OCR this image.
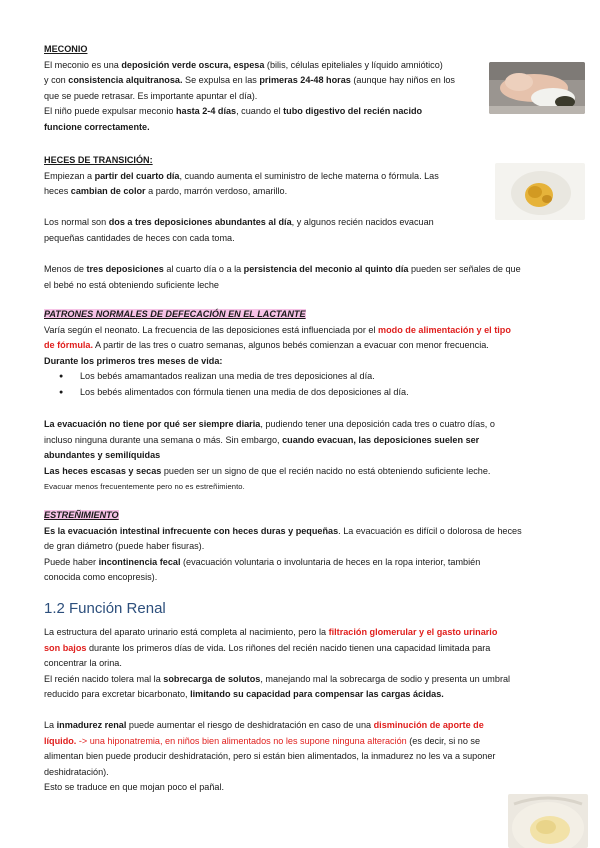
MECONIO

El meconio es una deposición verde oscura, espesa (bilis, células epiteliales y líquido amniótico)

y con consistencia alquitranosa. Se expulsa en las primeras 24-48 horas (aunque hay niños en los

que se puede retrasar. Es importante apuntar el día).

El niño puede expulsar meconio hasta 2-4 días, cuando el tubo digestivo del recién nacido

funcione correctamente.

HECES DE TRANSICIÓN:

Empiezan a partir del cuarto día, cuando aumenta el suministro de leche materna o fórmula. Las

heces cambian de color a pardo, marrón verdoso, amarillo.

Los normal son dos a tres deposiciones abundantes al día, y algunos recién nacidos evacuan

pequeñas cantidades de heces con cada toma.

Menos de tres deposiciones al cuarto día o a la persistencia del meconio al quinto día pueden ser señales de que

el bebé no está obteniendo suficiente leche

PATRONES NORMALES DE DEFECACIÓN EN EL LACTANTE

Varía según el neonato. La frecuencia de las deposiciones está influenciada por el modo de alimentación y el tipo

de fórmula. A partir de las tres o cuatro semanas, algunos bebés comienzan a evacuar con menor frecuencia.

Durante los primeros tres meses de vida:

● Los bebés amamantados realizan una media de tres deposiciones al día.
● Los bebés alimentados con fórmula tienen una media de dos deposiciones al día.

La evacuación no tiene por qué ser siempre diaria, pudiendo tener una deposición cada tres o cuatro días, o

incluso ninguna durante una semana o más. Sin embargo, cuando evacuan, las deposiciones suelen ser

abundantes y semilíquidas

Las heces escasas y secas pueden ser un signo de que el recién nacido no está obteniendo suficiente leche.

Evacuar menos frecuentemente pero no es estreñimiento.

ESTREÑIMIENTO

Es la evacuación intestinal infrecuente con heces duras y pequeñas. La evacuación es difícil o dolorosa de heces

de gran diámetro (puede haber fisuras).

Puede haber incontinencia fecal (evacuación voluntaria o involuntaria de heces en la ropa interior, también

conocida como encopresis).

1.2 Función Renal

La estructura del aparato urinario está completa al nacimiento, pero la filtración glomerular y el gasto urinario

son bajos durante los primeros días de vida. Los riñones del recién nacido tienen una capacidad limitada para

concentrar la orina.

El recién nacido tolera mal la sobrecarga de solutos, manejando mal la sobrecarga de sodio y presenta un umbral

reducido para excretar bicarbonato, limitando su capacidad para compensar las cargas ácidas.

La inmadurez renal puede aumentar el riesgo de deshidratación en caso de una disminución de aporte de

líquido. -> una hiponatremia, en niños bien alimentados no les supone ninguna alteración (es decir, si no se

alimentan bien puede producir deshidratación, pero si están bien alimentados, la inmadurez no les va a suponer

deshidratación).

Esto se traduce en que mojan poco el pañal.
